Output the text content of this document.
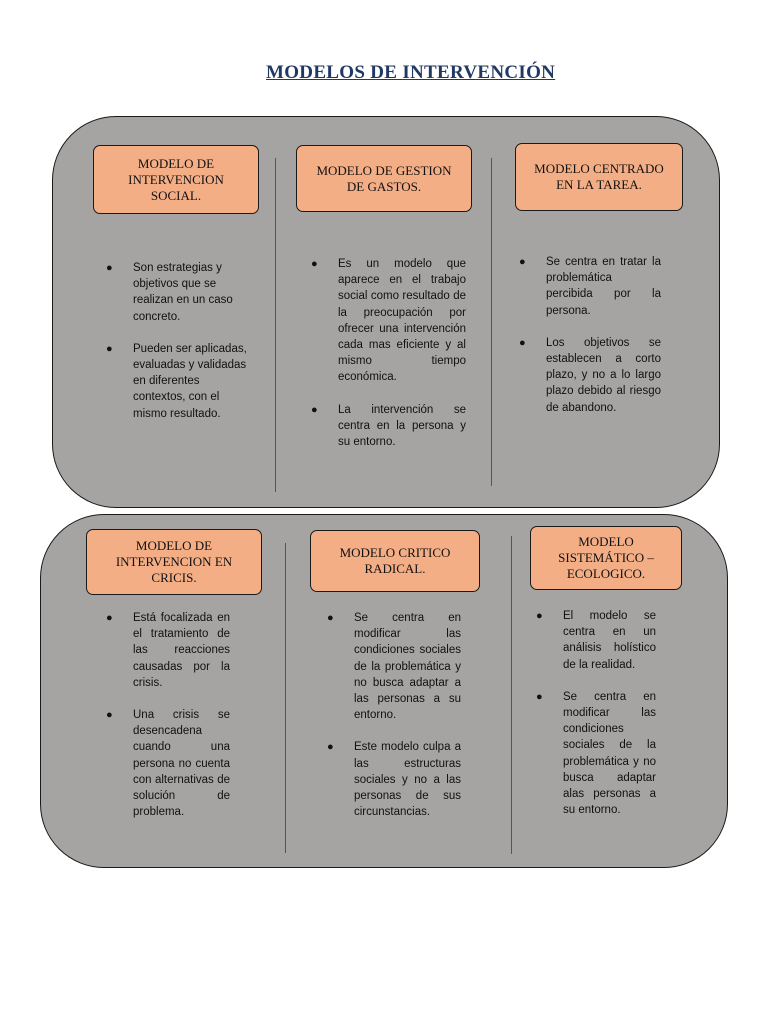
MODELOS DE INTERVENCIÓN
MODELO DE
INTERVENCION
SOCIAL.
MODELO DE GESTION
DE GASTOS.
MODELO CENTRADO
EN LA TAREA.
● Son estrategias y objetivos que se realizan en un caso concreto.
● Pueden ser aplicadas, evaluadas y validadas en diferentes contextos, con el mismo resultado.
● Es un modelo que aparece en el trabajo social como resultado de la preocupación por ofrecer una intervención cada mas eficiente y al mismo tiempo económica.
● La intervención se centra en la persona y su entorno.
● Se centra en tratar la problemática percibida por la persona.
● Los objetivos se establecen a corto plazo, y no a lo largo plazo debido al riesgo de abandono.
MODELO DE
INTERVENCION EN
CRICIS.
MODELO CRITICO
RADICAL.
MODELO
SISTEMÁTICO –
ECOLOGICO.
● Está focalizada en el tratamiento de las reacciones causadas por la crisis.
● Una crisis se desencadena cuando una persona no cuenta con alternativas de solución de problema.
● Se centra en modificar las condiciones sociales de la problemática y no busca adaptar a las personas a su entorno.
● Este modelo culpa a las estructuras sociales y no a las personas de sus circunstancias.
● El modelo se centra en un análisis holístico de la realidad.
● Se centra en modificar las condiciones sociales de la problemática y no busca adaptar alas personas a su entorno.
